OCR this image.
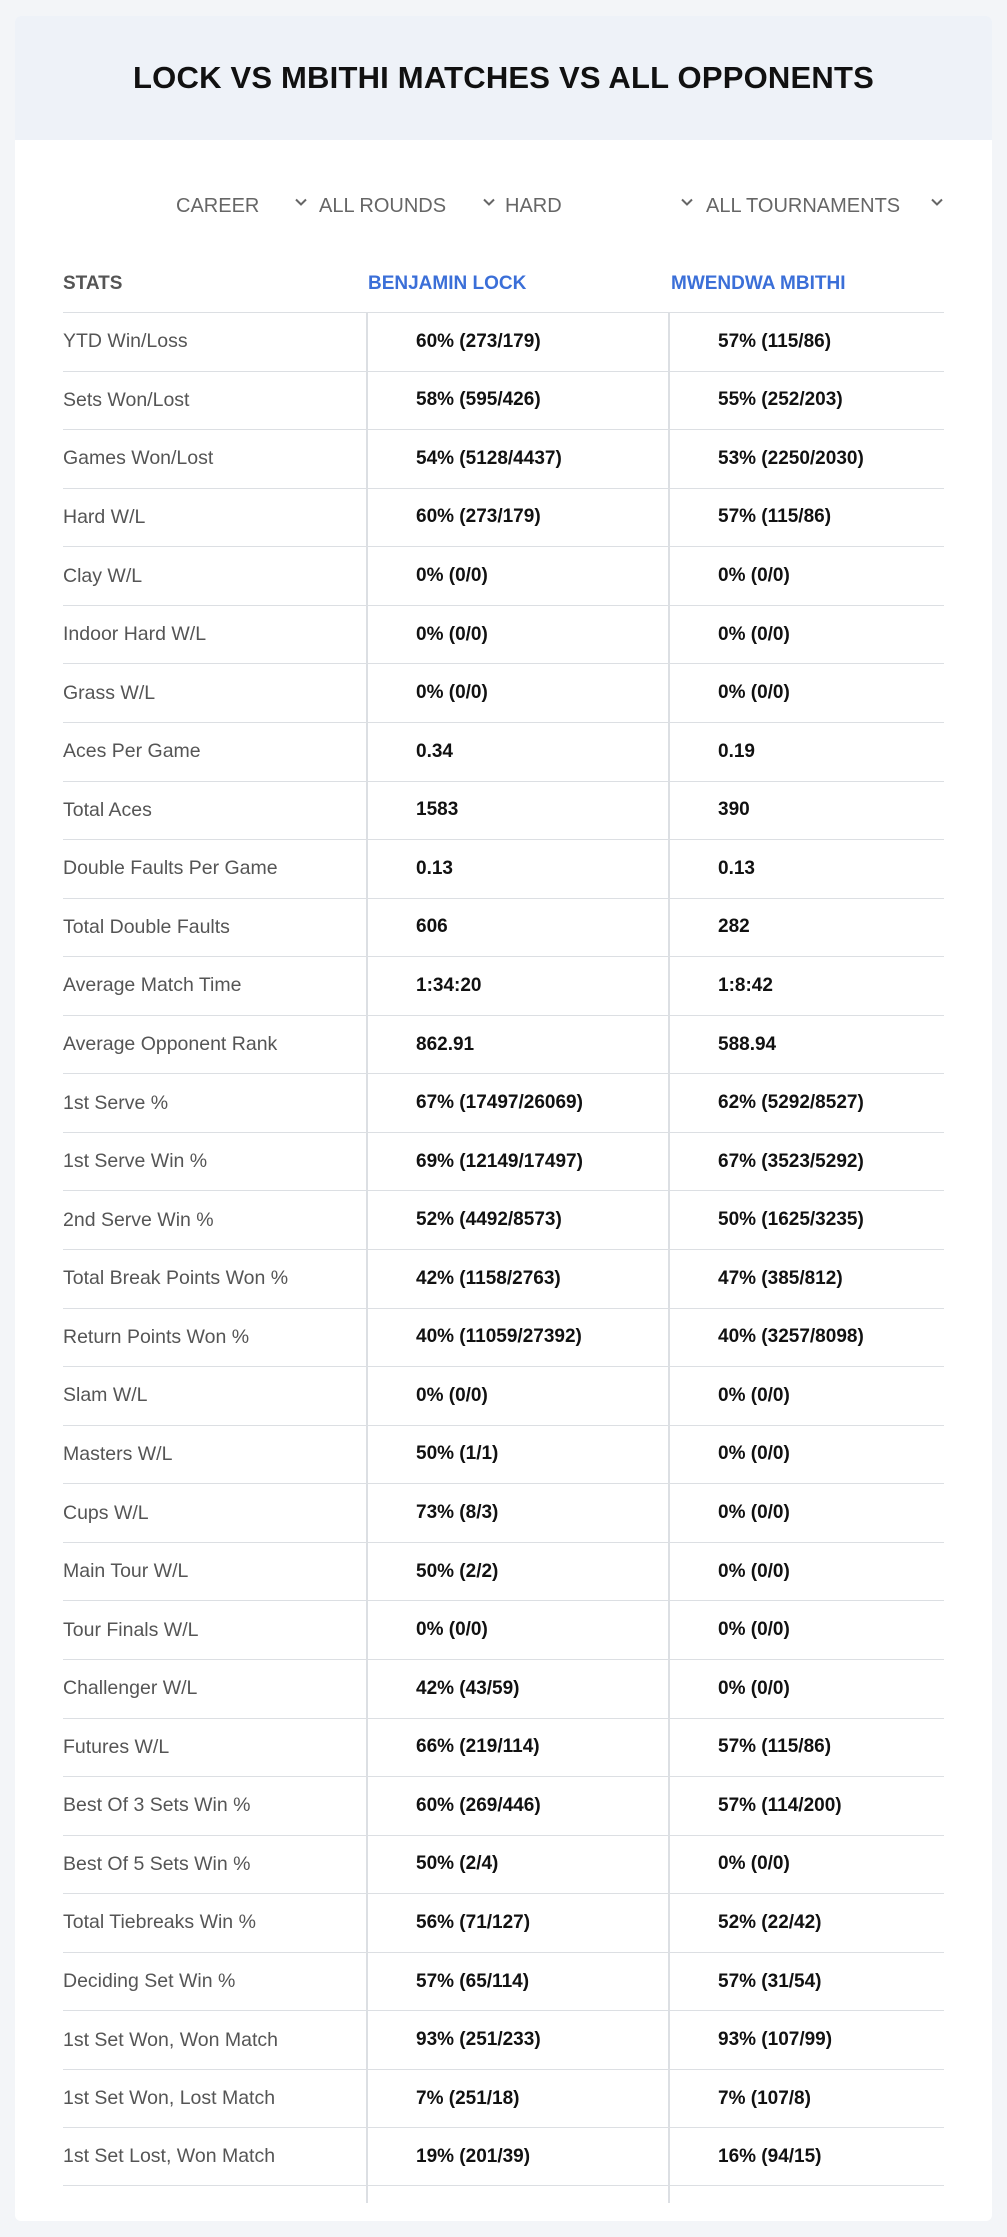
LOCK VS MBITHI MATCHES VS ALL OPPONENTS
CAREER	ALL ROUNDS	HARD	ALL TOURNAMENTS
STATS	BENJAMIN LOCK	MWENDWA MBITHI
YTD Win/Loss	60% (273/179)	57% (115/86)
Sets Won/Lost	58% (595/426)	55% (252/203)
Games Won/Lost	54% (5128/4437)	53% (2250/2030)
Hard W/L	60% (273/179)	57% (115/86)
Clay W/L	0% (0/0)	0% (0/0)
Indoor Hard W/L	0% (0/0)	0% (0/0)
Grass W/L	0% (0/0)	0% (0/0)
Aces Per Game	0.34	0.19
Total Aces	1583	390
Double Faults Per Game	0.13	0.13
Total Double Faults	606	282
Average Match Time	1:34:20	1:8:42
Average Opponent Rank	862.91	588.94
1st Serve %	67% (17497/26069)	62% (5292/8527)
1st Serve Win %	69% (12149/17497)	67% (3523/5292)
2nd Serve Win %	52% (4492/8573)	50% (1625/3235)
Total Break Points Won %	42% (1158/2763)	47% (385/812)
Return Points Won %	40% (11059/27392)	40% (3257/8098)
Slam W/L	0% (0/0)	0% (0/0)
Masters W/L	50% (1/1)	0% (0/0)
Cups W/L	73% (8/3)	0% (0/0)
Main Tour W/L	50% (2/2)	0% (0/0)
Tour Finals W/L	0% (0/0)	0% (0/0)
Challenger W/L	42% (43/59)	0% (0/0)
Futures W/L	66% (219/114)	57% (115/86)
Best Of 3 Sets Win %	60% (269/446)	57% (114/200)
Best Of 5 Sets Win %	50% (2/4)	0% (0/0)
Total Tiebreaks Win %	56% (71/127)	52% (22/42)
Deciding Set Win %	57% (65/114)	57% (31/54)
1st Set Won, Won Match	93% (251/233)	93% (107/99)
1st Set Won, Lost Match	7% (251/18)	7% (107/8)
1st Set Lost, Won Match	19% (201/39)	16% (94/15)
